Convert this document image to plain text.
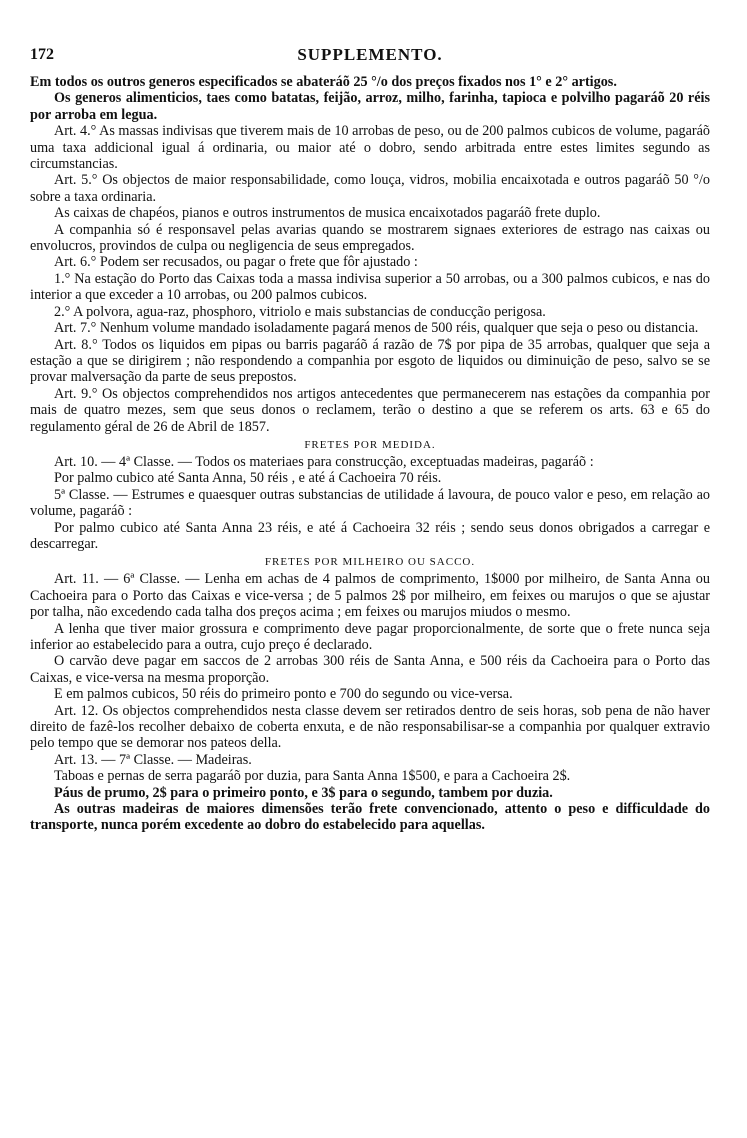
172	SUPPLEMENTO.

Em todos os outros generos especificados se abateráõ 25 °/o dos preços fixados nos 1° e 2° artigos.

Os generos alimenticios, taes como batatas, feijão, arroz, milho, farinha, tapioca e polvilho pagaráõ 20 réis por arroba em legua.

Art. 4.° As massas indivisas que tiverem mais de 10 arrobas de peso, ou de 200 palmos cubicos de volume, pagaráõ uma taxa addicional igual á ordinaria, ou maior até o dobro, sendo arbitrada entre estes limites segundo as circumstancias.

Art. 5.° Os objectos de maior responsabilidade, como louça, vidros, mobilia encaixotada e outros pagaráõ 50 °/o sobre a taxa ordinaria.

As caixas de chapéos, pianos e outros instrumentos de musica encaixotados pagaráõ frete duplo.

A companhia só é responsavel pelas avarias quando se mostrarem signaes exteriores de estrago nas caixas ou envolucros, provindos de culpa ou negligencia de seus empregados.

Art. 6.° Podem ser recusados, ou pagar o frete que fôr ajustado :

1.° Na estação do Porto das Caixas toda a massa indivisa superior a 50 arrobas, ou a 300 palmos cubicos, e nas do interior a que exceder a 10 arrobas, ou 200 palmos cubicos.

2.° A polvora, agua-raz, phosphoro, vitriolo e mais substancias de conducção perigosa.

Art. 7.° Nenhum volume mandado isoladamente pagará menos de 500 réis, qualquer que seja o peso ou distancia.

Art. 8.° Todos os liquidos em pipas ou barris pagaráõ á razão de 7$ por pipa de 35 arrobas, qualquer que seja a estação a que se dirigirem ; não respondendo a companhia por esgoto de liquidos ou diminuição de peso, salvo se se provar malversação da parte de seus prepostos.

Art. 9.° Os objectos comprehendidos nos artigos antecedentes que permanecerem nas estações da companhia por mais de quatro mezes, sem que seus donos o reclamem, terão o destino a que se referem os arts. 63 e 65 do regulamento géral de 26 de Abril de 1857.

FRETES POR MEDIDA.

Art. 10. — 4ª Classe. — Todos os materiaes para construcção, exceptuadas madeiras, pagaráõ :

Por palmo cubico até Santa Anna, 50 réis , e até á Cachoeira 70 réis.

5ª Classe. — Estrumes e quaesquer outras substancias de utilidade á lavoura, de pouco valor e peso, em relação ao volume, pagaráõ :

Por palmo cubico até Santa Anna 23 réis, e até á Cachoeira 32 réis ; sendo seus donos obrigados a carregar e descarregar.

FRETES POR MILHEIRO OU SACCO.

Art. 11. — 6ª Classe. — Lenha em achas de 4 palmos de comprimento, 1$000 por milheiro, de Santa Anna ou Cachoeira para o Porto das Caixas e vice-versa ; de 5 palmos 2$ por milheiro, em feixes ou marujos o que se ajustar por talha, não excedendo cada talha dos preços acima ; em feixes ou marujos miudos o mesmo.

A lenha que tiver maior grossura e comprimento deve pagar proporcionalmente, de sorte que o frete nunca seja inferior ao estabelecido para a outra, cujo preço é declarado.

O carvão deve pagar em saccos de 2 arrobas 300 réis de Santa Anna, e 500 réis da Cachoeira para o Porto das Caixas, e vice-versa na mesma proporção.

E em palmos cubicos, 50 réis do primeiro ponto e 700 do segundo ou vice-versa.

Art. 12. Os objectos comprehendidos nesta classe devem ser retirados dentro de seis horas, sob pena de não haver direito de fazê-los recolher debaixo de coberta enxuta, e de não responsabilisar-se a companhia por qualquer extravio pelo tempo que se demorar nos pateos della.

Art. 13. — 7ª Classe. — Madeiras.

Taboas e pernas de serra pagaráõ por duzia, para Santa Anna 1$500, e para a Cachoeira 2$.

Páus de prumo, 2$ para o primeiro ponto, e 3$ para o segundo, tambem por duzia.

As outras madeiras de maiores dimensões terão frete convencionado, attento o peso e difficuldade do transporte, nunca porém excedente ao dobro do estabelecido para aquellas.
